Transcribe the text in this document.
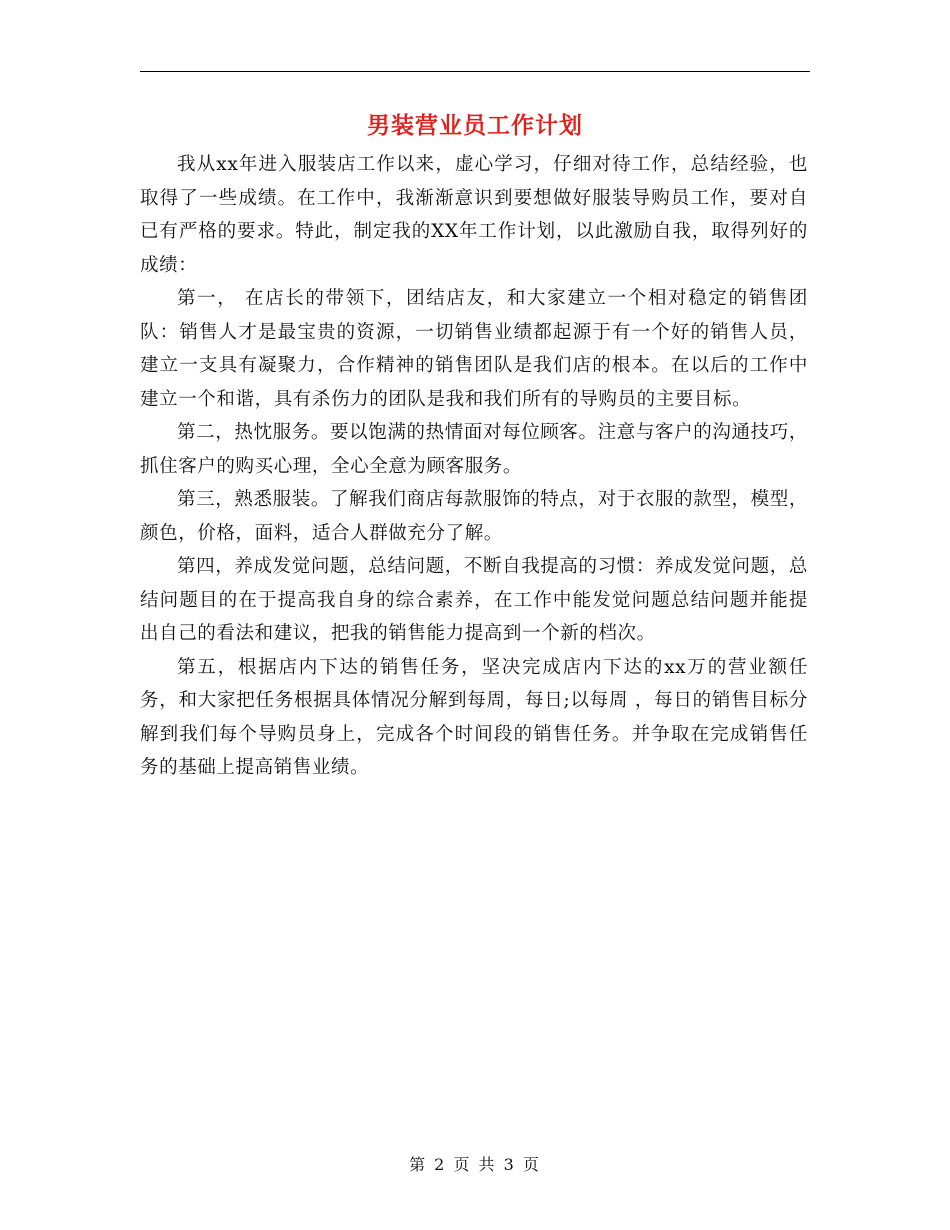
男装营业员工作计划

我从xx年进入服装店工作以来，虚心学习，仔细对待工作，总结经验，也取得了一些成绩。在工作中，我渐渐意识到要想做好服装导购员工作，要对自已有严格的要求。特此，制定我的XX年工作计划，以此激励自我，取得列好的成绩：

第一， 在店长的带领下，团结店友，和大家建立一个相对稳定的销售团队：销售人才是最宝贵的资源，一切销售业绩都起源于有一个好的销售人员，建立一支具有凝聚力，合作精神的销售团队是我们店的根本。在以后的工作中建立一个和谐，具有杀伤力的团队是我和我们所有的导购员的主要目标。

第二，热忱服务。要以饱满的热情面对每位顾客。注意与客户的沟通技巧，抓住客户的购买心理，全心全意为顾客服务。

第三，熟悉服装。了解我们商店每款服饰的特点，对于衣服的款型，模型，颜色，价格，面料，适合人群做充分了解。

第四，养成发觉问题，总结问题，不断自我提高的习惯：养成发觉问题，总结问题目的在于提高我自身的综合素养，在工作中能发觉问题总结问题并能提出自己的看法和建议，把我的销售能力提高到一个新的档次。

第五，根据店内下达的销售任务，坚决完成店内下达的xx万的营业额任务，和大家把任务根据具体情况分解到每周，每日;以每周 ，每日的销售目标分解到我们每个导购员身上，完成各个时间段的销售任务。并争取在完成销售任务的基础上提高销售业绩。

第 2 页 共 3 页
